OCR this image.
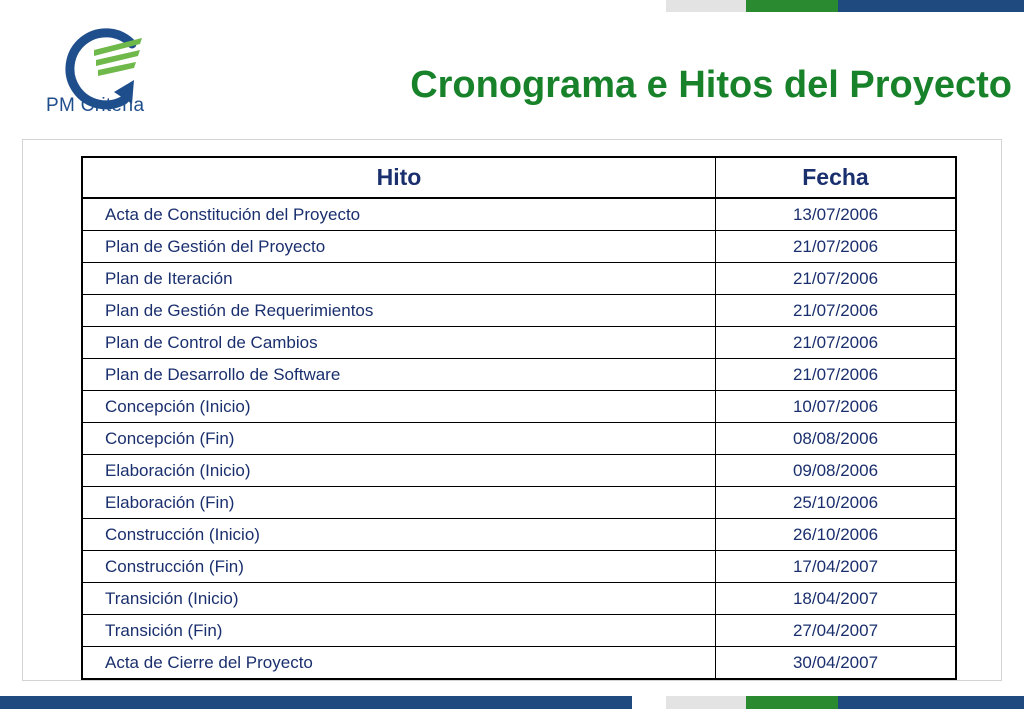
PM Criteria	Cronograma e Hitos del Proyecto
Hito	Fecha
Acta de Constitución del Proyecto	13/07/2006
Plan de Gestión del Proyecto	21/07/2006
Plan de Iteración	21/07/2006
Plan de Gestión de Requerimientos	21/07/2006
Plan de Control de Cambios	21/07/2006
Plan de Desarrollo de Software	21/07/2006
Concepción (Inicio)	10/07/2006
Concepción (Fin)	08/08/2006
Elaboración (Inicio)	09/08/2006
Elaboración (Fin)	25/10/2006
Construcción (Inicio)	26/10/2006
Construcción (Fin)	17/04/2007
Transición (Inicio)	18/04/2007
Transición (Fin)	27/04/2007
Acta de Cierre del Proyecto	30/04/2007
